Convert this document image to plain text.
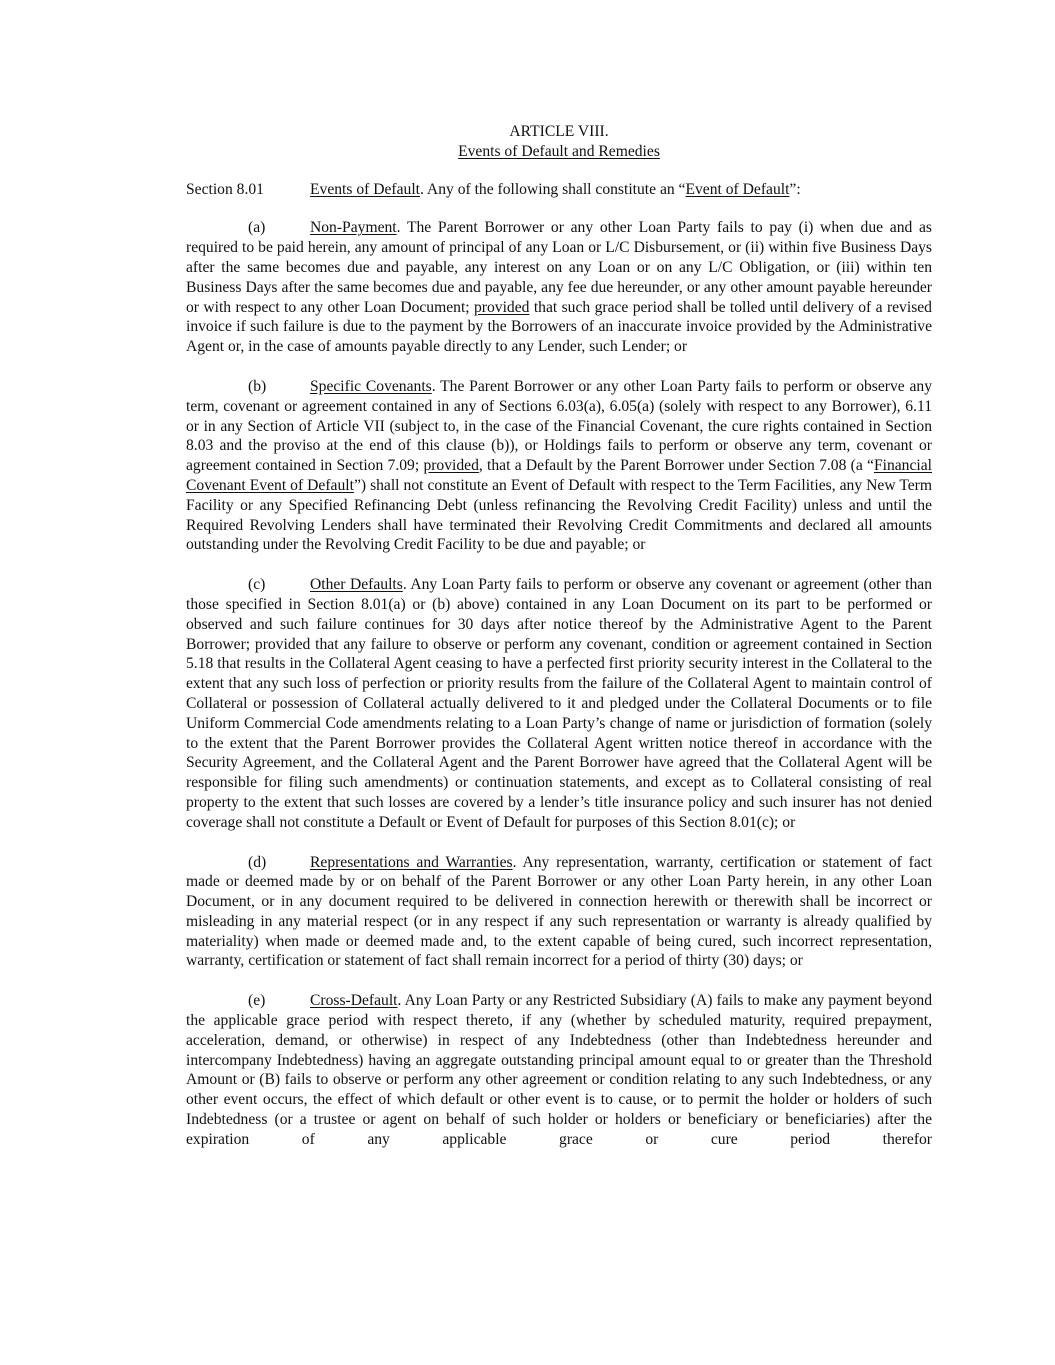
ARTICLE VIII.
Events of Default and Remedies
Section 8.01	Events of Default. Any of the following shall constitute an “Event of Default”:

(a)	Non-Payment. The Parent Borrower or any other Loan Party fails to pay (i) when due and as required to be paid herein, any amount of principal of any Loan or L/C Disbursement, or (ii) within five Business Days after the same becomes due and payable, any interest on any Loan or on any L/C Obligation, or (iii) within ten Business Days after the same becomes due and payable, any fee due hereunder, or any other amount payable hereunder or with respect to any other Loan Document; provided that such grace period shall be tolled until delivery of a revised invoice if such failure is due to the payment by the Borrowers of an inaccurate invoice provided by the Administrative Agent or, in the case of amounts payable directly to any Lender, such Lender; or

(b)	Specific Covenants. The Parent Borrower or any other Loan Party fails to perform or observe any term, covenant or agreement contained in any of Sections 6.03(a), 6.05(a) (solely with respect to any Borrower), 6.11 or in any Section of Article VII (subject to, in the case of the Financial Covenant, the cure rights contained in Section 8.03 and the proviso at the end of this clause (b)), or Holdings fails to perform or observe any term, covenant or agreement contained in Section 7.09; provided, that a Default by the Parent Borrower under Section 7.08 (a “Financial Covenant Event of Default”) shall not constitute an Event of Default with respect to the Term Facilities, any New Term Facility or any Specified Refinancing Debt (unless refinancing the Revolving Credit Facility) unless and until the Required Revolving Lenders shall have terminated their Revolving Credit Commitments and declared all amounts outstanding under the Revolving Credit Facility to be due and payable; or

(c)	Other Defaults. Any Loan Party fails to perform or observe any covenant or agreement (other than those specified in Section 8.01(a) or (b) above) contained in any Loan Document on its part to be performed or observed and such failure continues for 30 days after notice thereof by the Administrative Agent to the Parent Borrower; provided that any failure to observe or perform any covenant, condition or agreement contained in Section 5.18 that results in the Collateral Agent ceasing to have a perfected first priority security interest in the Collateral to the extent that any such loss of perfection or priority results from the failure of the Collateral Agent to maintain control of Collateral or possession of Collateral actually delivered to it and pledged under the Collateral Documents or to file Uniform Commercial Code amendments relating to a Loan Party’s change of name or jurisdiction of formation (solely to the extent that the Parent Borrower provides the Collateral Agent written notice thereof in accordance with the Security Agreement, and the Collateral Agent and the Parent Borrower have agreed that the Collateral Agent will be responsible for filing such amendments) or continuation statements, and except as to Collateral consisting of real property to the extent that such losses are covered by a lender’s title insurance policy and such insurer has not denied coverage shall not constitute a Default or Event of Default for purposes of this Section 8.01(c); or

(d)	Representations and Warranties. Any representation, warranty, certification or statement of fact made or deemed made by or on behalf of the Parent Borrower or any other Loan Party herein, in any other Loan Document, or in any document required to be delivered in connection herewith or therewith shall be incorrect or misleading in any material respect (or in any respect if any such representation or warranty is already qualified by materiality) when made or deemed made and, to the extent capable of being cured, such incorrect representation, warranty, certification or statement of fact shall remain incorrect for a period of thirty (30) days; or

(e)	Cross-Default. Any Loan Party or any Restricted Subsidiary (A) fails to make any payment beyond the applicable grace period with respect thereto, if any (whether by scheduled maturity, required prepayment, acceleration, demand, or otherwise) in respect of any Indebtedness (other than Indebtedness hereunder and intercompany Indebtedness) having an aggregate outstanding principal amount equal to or greater than the Threshold Amount or (B) fails to observe or perform any other agreement or condition relating to any such Indebtedness, or any other event occurs, the effect of which default or other event is to cause, or to permit the holder or holders of such Indebtedness (or a trustee or agent on behalf of such holder or holders or beneficiary or beneficiaries) after the expiration of any applicable grace or cure period therefor
